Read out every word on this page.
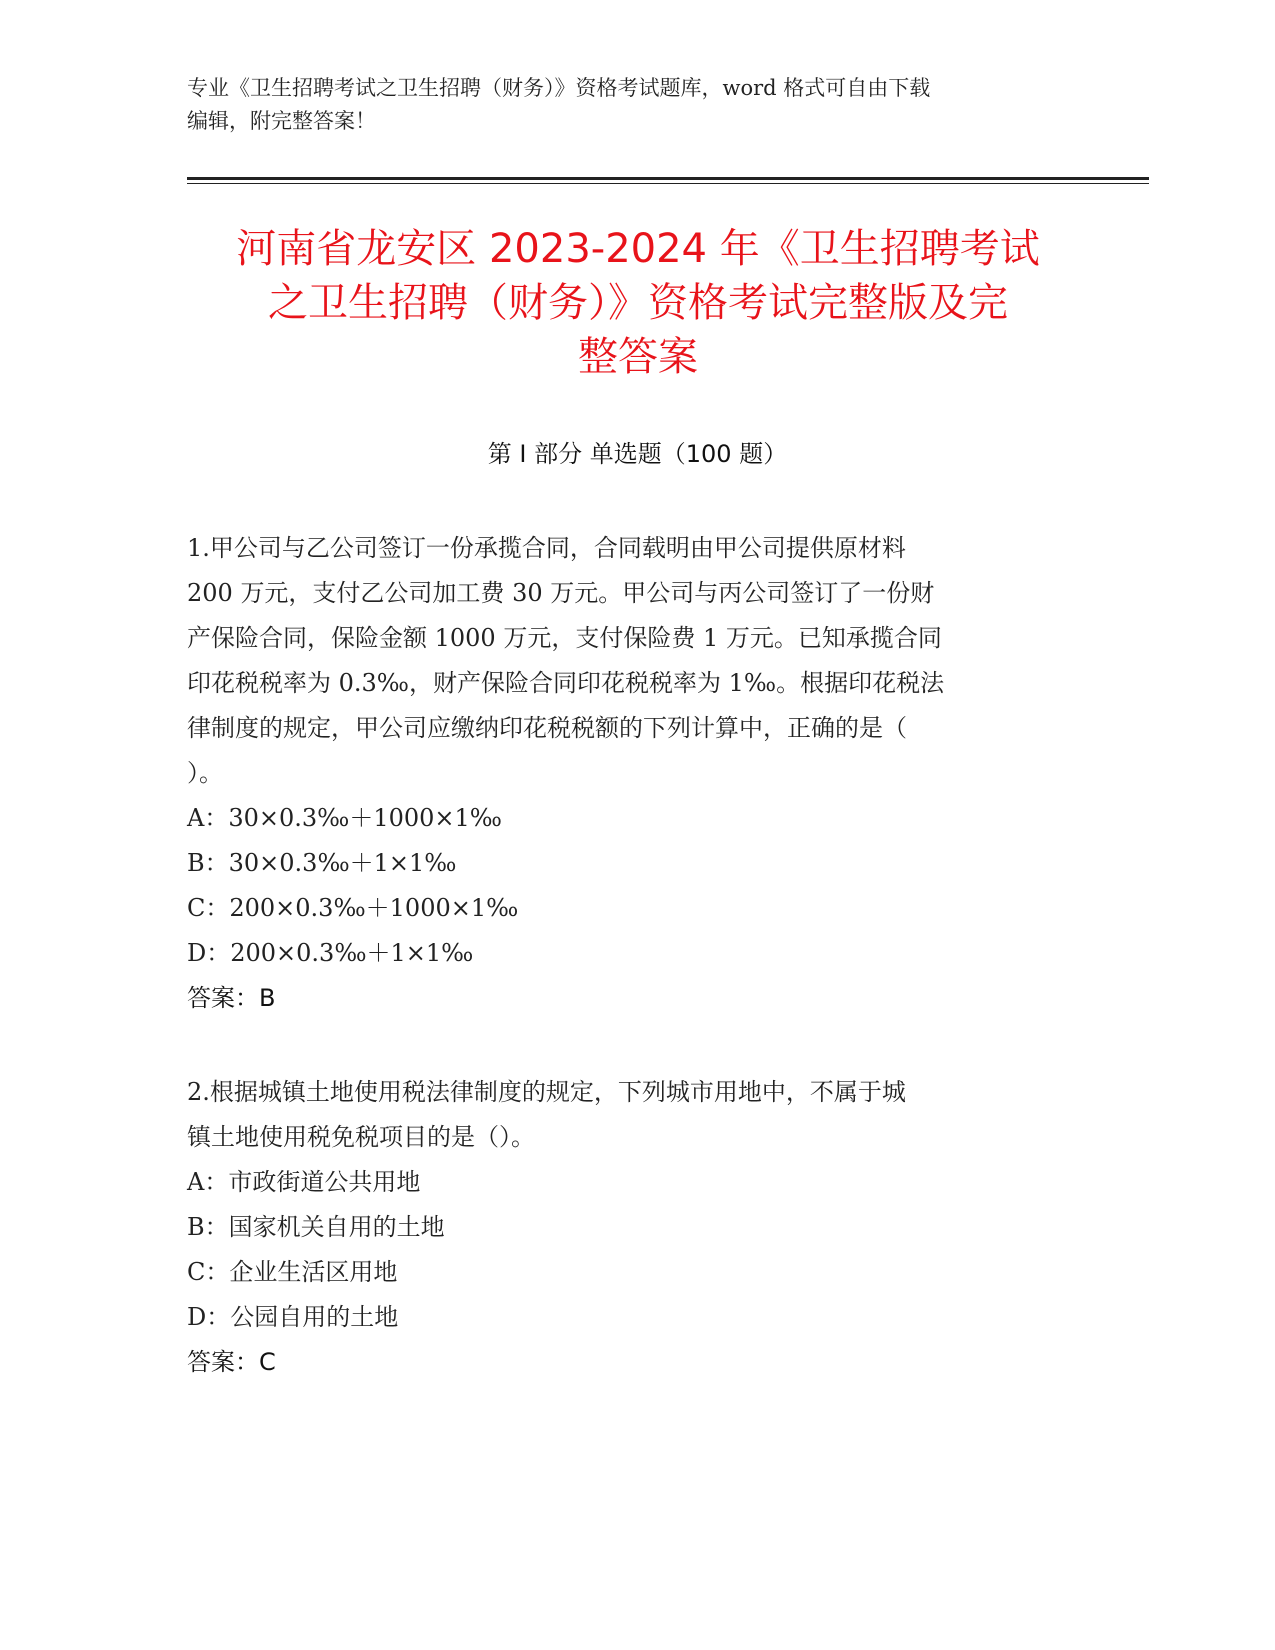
专业《卫生招聘考试之卫生招聘（财务）》资格考试题库，word 格式可自由下载
编辑，附完整答案！
河南省龙安区 2023-2024 年《卫生招聘考试
之卫生招聘（财务）》资格考试完整版及完
整答案
第 I 部分 单选题（100 题）
1.甲公司与乙公司签订一份承揽合同，合同载明由甲公司提供原材料
200 万元，支付乙公司加工费 30 万元。甲公司与丙公司签订了一份财
产保险合同，保险金额 1000 万元，支付保险费 1 万元。已知承揽合同
印花税税率为 0.3‰，财产保险合同印花税税率为 1‰。根据印花税法
律制度的规定，甲公司应缴纳印花税税额的下列计算中，正确的是（
）。
A：30×0.3‰＋1000×1‰
B：30×0.3‰＋1×1‰
C：200×0.3‰＋1000×1‰
D：200×0.3‰＋1×1‰
答案：B
2.根据城镇土地使用税法律制度的规定，下列城市用地中，不属于城
镇土地使用税免税项目的是（）。
A：市政街道公共用地
B：国家机关自用的土地
C：企业生活区用地
D：公园自用的土地
答案：C
